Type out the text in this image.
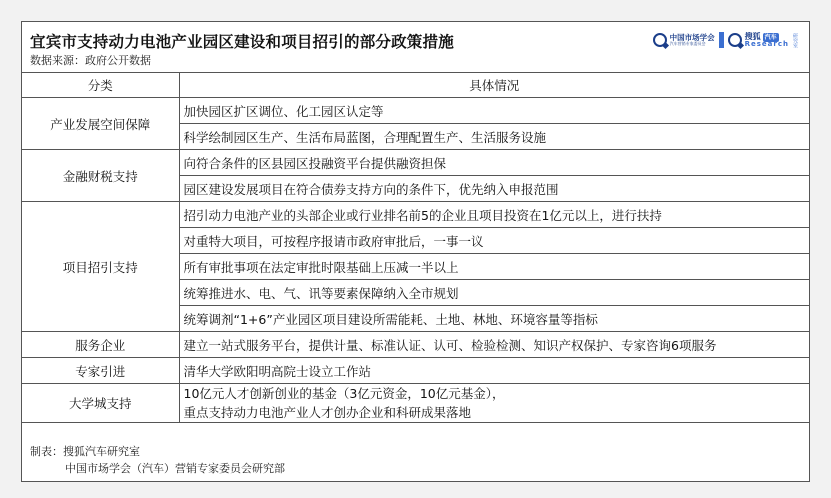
宜宾市支持动力电池产业园区建设和项目招引的部分政策措施
数据来源：政府公开数据
中国市场学会
汽车营销专家委员会
搜狐 汽车
Research 研究室
分类	具体情况
产业发展空间保障	加快园区扩区调位、化工园区认定等
	科学绘制园区生产、生活布局蓝图，合理配置生产、生活服务设施
金融财税支持	向符合条件的区县园区投融资平台提供融资担保
	园区建设发展项目在符合债券支持方向的条件下，优先纳入申报范围
项目招引支持	招引动力电池产业的头部企业或行业排名前5的企业且项目投资在1亿元以上，进行扶持
	对重特大项目，可按程序报请市政府审批后，一事一议
	所有审批事项在法定审批时限基础上压减一半以上
	统筹推进水、电、气、讯等要素保障纳入全市规划
	统筹调剂“1+6”产业园区项目建设所需能耗、土地、林地、环境容量等指标
服务企业	建立一站式服务平台，提供计量、标准认证、认可、检验检测、知识产权保护、专家咨询6项服务
专家引进	清华大学欧阳明高院士设立工作站
大学城支持	10亿元人才创新创业的基金（3亿元资金，10亿元基金），
重点支持动力电池产业人才创办企业和科研成果落地
制表：搜狐汽车研究室
中国市场学会（汽车）营销专家委员会研究部
